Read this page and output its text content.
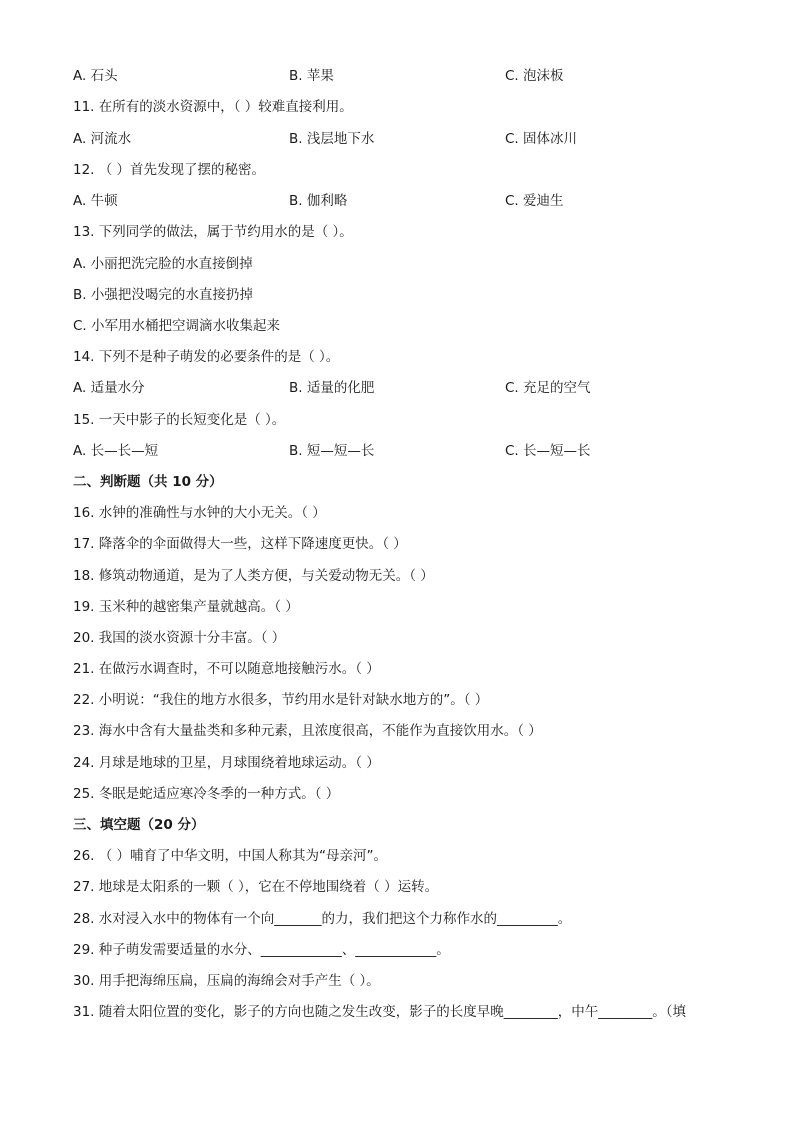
A. 石头	B. 苹果	C. 泡沫板
11. 在所有的淡水资源中，（ ）较难直接利用。
A. 河流水	B. 浅层地下水	C. 固体冰川
12. （ ）首先发现了摆的秘密。
A. 牛顿	B. 伽利略	C. 爱迪生
13. 下列同学的做法，属于节约用水的是（ ）。
A. 小丽把洗完脸的水直接倒掉
B. 小强把没喝完的水直接扔掉
C. 小军用水桶把空调滴水收集起来
14. 下列不是种子萌发的必要条件的是（ ）。
A. 适量水分	B. 适量的化肥	C. 充足的空气
15. 一天中影子的长短变化是（ ）。
A. 长—长—短	B. 短—短—长	C. 长—短—长
二、判断题（共 10 分）
16. 水钟的准确性与水钟的大小无关。（ ）
17. 降落伞的伞面做得大一些，这样下降速度更快。（ ）
18. 修筑动物通道，是为了人类方便，与关爱动物无关。（ ）
19. 玉米种的越密集产量就越高。（ ）
20. 我国的淡水资源十分丰富。（ ）
21. 在做污水调查时，不可以随意地接触污水。（ ）
22. 小明说：“我住的地方水很多，节约用水是针对缺水地方的”。（ ）
23. 海水中含有大量盐类和多种元素，且浓度很高，不能作为直接饮用水。（ ）
24. 月球是地球的卫星，月球围绕着地球运动。（ ）
25. 冬眠是蛇适应寒冷冬季的一种方式。（ ）
三、填空题（20 分）
26. （ ）哺育了中华文明，中国人称其为“母亲河”。
27. 地球是太阳系的一颗（ ），它在不停地围绕着（ ）运转。
28. 水对浸入水中的物体有一个向_______的力，我们把这个力称作水的_________。
29. 种子萌发需要适量的水分、____________、____________。
30. 用手把海绵压扁，压扁的海绵会对手产生（ ）。
31. 随着太阳位置的变化，影子的方向也随之发生改变，影子的长度早晚________，中午________。（填
